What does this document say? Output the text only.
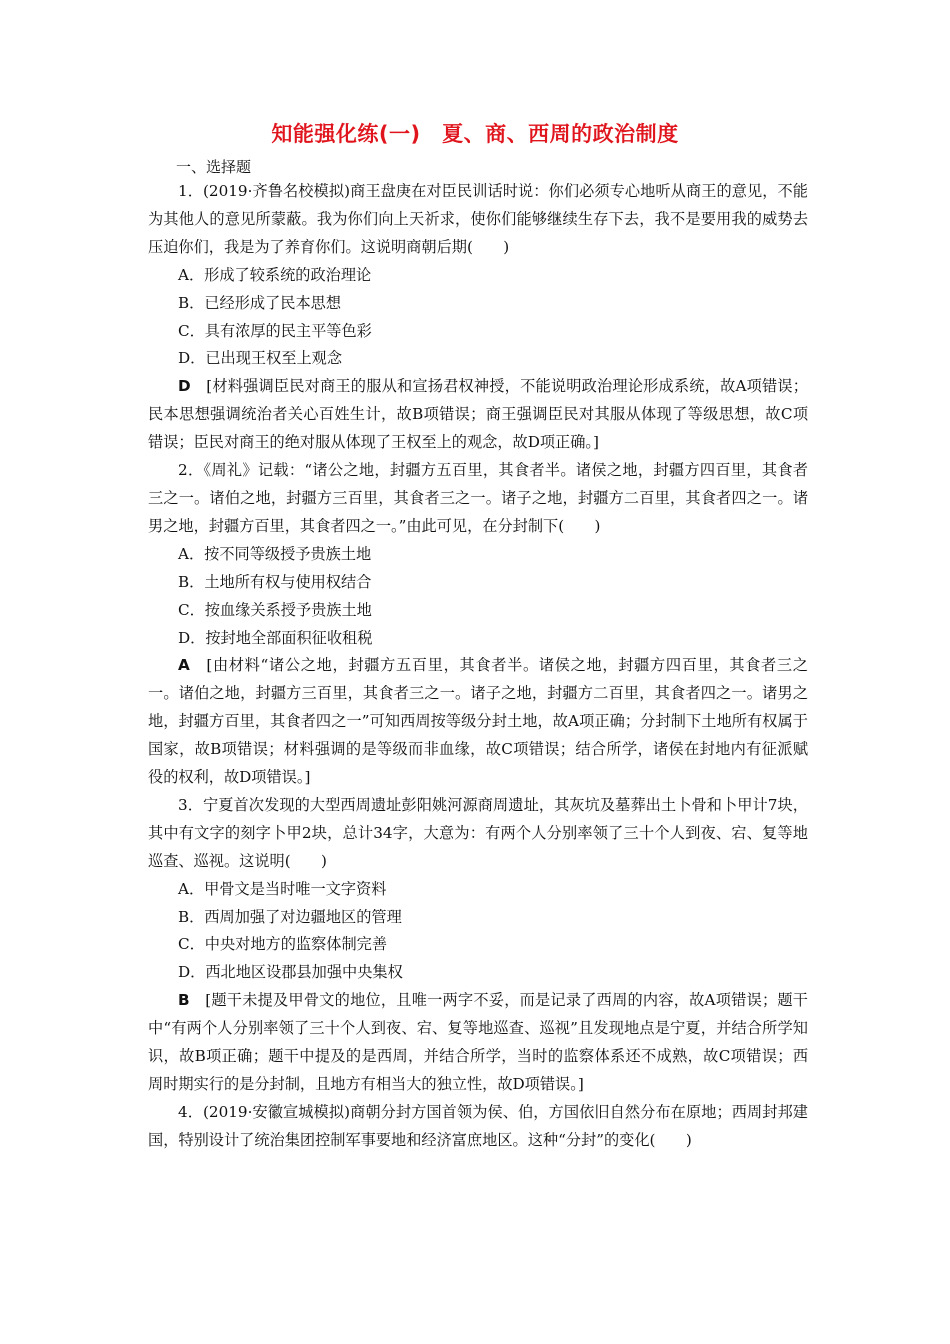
知能强化练(一)　夏、商、西周的政治制度
一、选择题

1．(2019·齐鲁名校模拟)商王盘庚在对臣民训话时说：你们必须专心地听从商王的意见，不能为其他人的意见所蒙蔽。我为你们向上天祈求，使你们能够继续生存下去，我不是要用我的威势去压迫你们，我是为了养育你们。这说明商朝后期(　　)

A．形成了较系统的政治理论

B．已经形成了民本思想

C．具有浓厚的民主平等色彩

D．已出现王权至上观念

D　 [材料强调臣民对商王的服从和宣扬君权神授，不能说明政治理论形成系统，故A项错误；民本思想强调统治者关心百姓生计，故B项错误；商王强调臣民对其服从体现了等级思想，故C项错误；臣民对商王的绝对服从体现了王权至上的观念，故D项正确。]

2．《周礼》记载：“诸公之地，封疆方五百里，其食者半。诸侯之地，封疆方四百里，其食者三之一。诸伯之地，封疆方三百里，其食者三之一。诸子之地，封疆方二百里，其食者四之一。诸男之地，封疆方百里，其食者四之一。”由此可见，在分封制下(　　)

A．按不同等级授予贵族土地

B．土地所有权与使用权结合

C．按血缘关系授予贵族土地

D．按封地全部面积征收租税

A　 [由材料“诸公之地，封疆方五百里，其食者半。诸侯之地，封疆方四百里，其食者三之一。诸伯之地，封疆方三百里，其食者三之一。诸子之地，封疆方二百里，其食者四之一。诸男之地，封疆方百里，其食者四之一”可知西周按等级分封土地，故A项正确；分封制下土地所有权属于国家，故B项错误；材料强调的是等级而非血缘，故C项错误；结合所学，诸侯在封地内有征派赋役的权利，故D项错误。]

3．宁夏首次发现的大型西周遗址彭阳姚河源商周遗址，其灰坑及墓葬出土卜骨和卜甲计7块，其中有文字的刻字卜甲2块，总计34字，大意为：有两个人分别率领了三十个人到夜、宕、复等地巡查、巡视。这说明(　　)

A．甲骨文是当时唯一文字资料

B．西周加强了对边疆地区的管理

C．中央对地方的监察体制完善

D．西北地区设郡县加强中央集权

B　 [题干未提及甲骨文的地位，且唯一两字不妥，而是记录了西周的内容，故A项错误；题干中“有两个人分别率领了三十个人到夜、宕、复等地巡查、巡视”且发现地点是宁夏，并结合所学知识，故B项正确；题干中提及的是西周，并结合所学，当时的监察体系还不成熟，故C项错误；西周时期实行的是分封制，且地方有相当大的独立性，故D项错误。]

4．(2019·安徽宣城模拟)商朝分封方国首领为侯、伯，方国依旧自然分布在原地；西周封邦建国，特别设计了统治集团控制军事要地和经济富庶地区。这种“分封”的变化(　　)
